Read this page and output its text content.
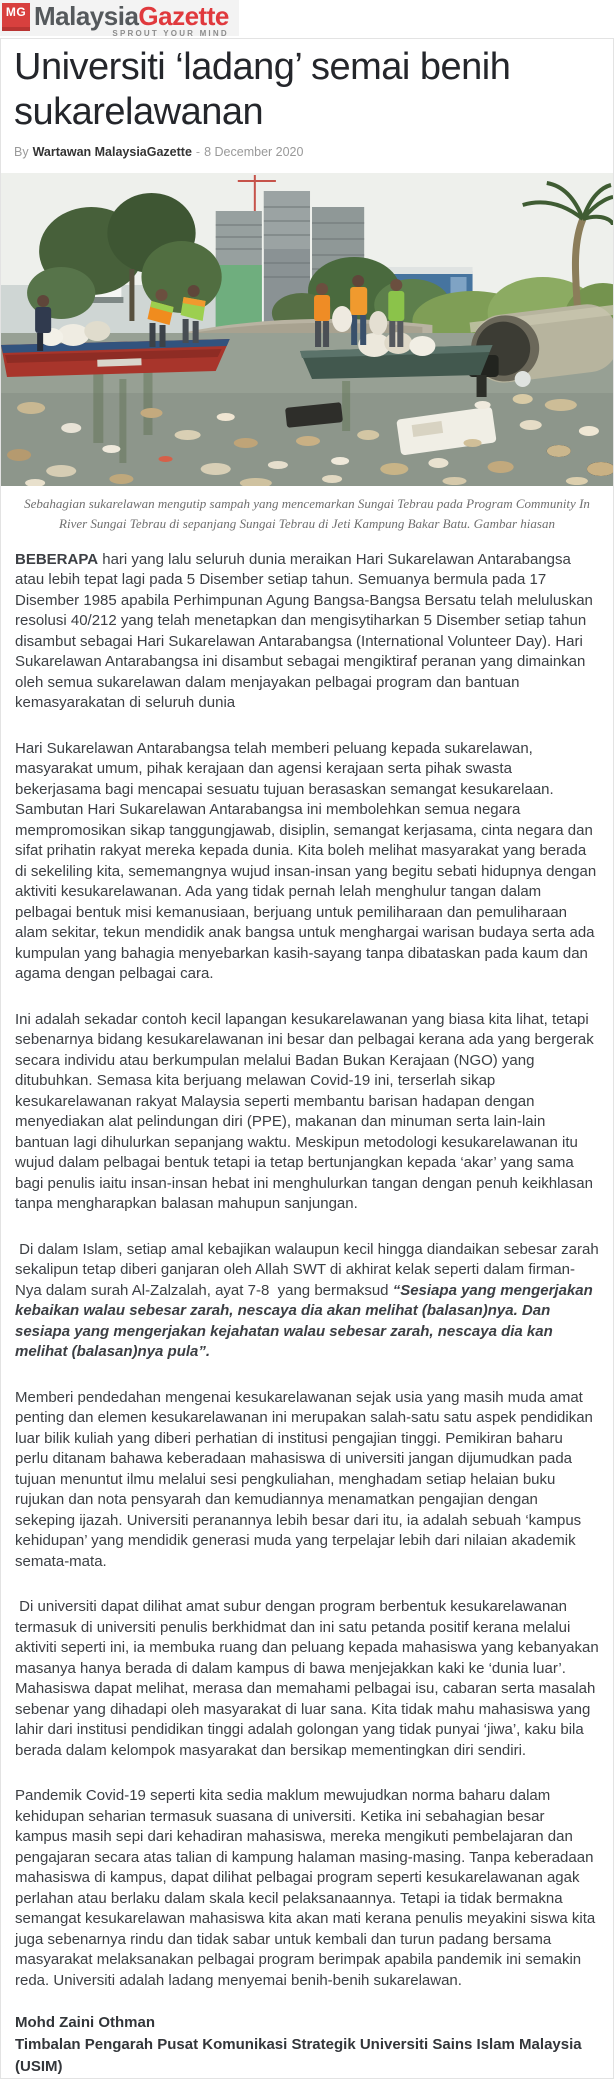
MG MalaysiaGazette
SPROUT YOUR MIND
Universiti ‘ladang’ semai benih sukarelawanan
By Wartawan MalaysiaGazette - 8 December 2020
Sebahagian sukarelawan mengutip sampah yang mencemarkan Sungai Tebrau pada Program Community In River Sungai Tebrau di sepanjang Sungai Tebrau di Jeti Kampung Bakar Batu. Gambar hiasan

BEBERAPA hari yang lalu seluruh dunia meraikan Hari Sukarelawan Antarabangsa atau lebih tepat lagi pada 5 Disember setiap tahun. Semuanya bermula pada 17 Disember 1985 apabila Perhimpunan Agung Bangsa-Bangsa Bersatu telah meluluskan resolusi 40/212 yang telah menetapkan dan mengisytiharkan 5 Disember setiap tahun disambut sebagai Hari Sukarelawan Antarabangsa (International Volunteer Day). Hari Sukarelawan Antarabangsa ini disambut sebagai mengiktiraf peranan yang dimainkan oleh semua sukarelawan dalam menjayakan pelbagai program dan bantuan kemasyarakatan di seluruh dunia

Hari Sukarelawan Antarabangsa telah memberi peluang kepada sukarelawan, masyarakat umum, pihak kerajaan dan agensi kerajaan serta pihak swasta bekerjasama bagi mencapai sesuatu tujuan berasaskan semangat kesukarelaan. Sambutan Hari Sukarelawan Antarabangsa ini membolehkan semua negara mempromosikan sikap tanggungjawab, disiplin, semangat kerjasama, cinta negara dan sifat prihatin rakyat mereka kepada dunia. Kita boleh melihat masyarakat yang berada di sekeliling kita, sememangnya wujud insan-insan yang begitu sebati hidupnya dengan aktiviti kesukarelawanan. Ada yang tidak pernah lelah menghulur tangan dalam pelbagai bentuk misi kemanusiaan, berjuang untuk pemiliharaan dan pemuliharaan alam sekitar, tekun mendidik anak bangsa untuk menghargai warisan budaya serta ada kumpulan yang bahagia menyebarkan kasih-sayang tanpa dibataskan pada kaum dan agama dengan pelbagai cara.

Ini adalah sekadar contoh kecil lapangan kesukarelawanan yang biasa kita lihat, tetapi sebenarnya bidang kesukarelawanan ini besar dan pelbagai kerana ada yang bergerak secara individu atau berkumpulan melalui Badan Bukan Kerajaan (NGO) yang ditubuhkan. Semasa kita berjuang melawan Covid-19 ini, terserlah sikap kesukarelawanan rakyat Malaysia seperti membantu barisan hadapan dengan menyediakan alat pelindungan diri (PPE), makanan dan minuman serta lain-lain bantuan lagi dihulurkan sepanjang waktu. Meskipun metodologi kesukarelawanan itu wujud dalam pelbagai bentuk tetapi ia tetap bertunjangkan kepada ‘akar’ yang sama bagi penulis iaitu insan-insan hebat ini menghulurkan tangan dengan penuh keikhlasan tanpa mengharapkan balasan mahupun sanjungan.

Di dalam Islam, setiap amal kebajikan walaupun kecil hingga diandaikan sebesar zarah sekalipun tetap diberi ganjaran oleh Allah SWT di akhirat kelak seperti dalam firman-Nya dalam surah Al-Zalzalah, ayat 7-8  yang bermaksud “Sesiapa yang mengerjakan kebaikan walau sebesar zarah, nescaya dia akan melihat (balasan)nya. Dan sesiapa yang mengerjakan kejahatan walau sebesar zarah, nescaya dia kan melihat (balasan)nya pula”.

Memberi pendedahan mengenai kesukarelawanan sejak usia yang masih muda amat penting dan elemen kesukarelawanan ini merupakan salah-satu satu aspek pendidikan luar bilik kuliah yang diberi perhatian di institusi pengajian tinggi. Pemikiran baharu perlu ditanam bahawa keberadaan mahasiswa di universiti jangan dijumudkan pada tujuan menuntut ilmu melalui sesi pengkuliahan, menghadam setiap helaian buku rujukan dan nota pensyarah dan kemudiannya menamatkan pengajian dengan sekeping ijazah. Universiti peranannya lebih besar dari itu, ia adalah sebuah ‘kampus kehidupan’ yang mendidik generasi muda yang terpelajar lebih dari nilaian akademik semata-mata.

Di universiti dapat dilihat amat subur dengan program berbentuk kesukarelawanan termasuk di universiti penulis berkhidmat dan ini satu petanda positif kerana melalui aktiviti seperti ini, ia membuka ruang dan peluang kepada mahasiswa yang kebanyakan masanya hanya berada di dalam kampus di bawa menjejakkan kaki ke ‘dunia luar’. Mahasiswa dapat melihat, merasa dan memahami pelbagai isu, cabaran serta masalah sebenar yang dihadapi oleh masyarakat di luar sana. Kita tidak mahu mahasiswa yang lahir dari institusi pendidikan tinggi adalah golongan yang tidak punyai ‘jiwa’, kaku bila berada dalam kelompok masyarakat dan bersikap mementingkan diri sendiri.

Pandemik Covid-19 seperti kita sedia maklum mewujudkan norma baharu dalam kehidupan seharian termasuk suasana di universiti. Ketika ini sebahagian besar kampus masih sepi dari kehadiran mahasiswa, mereka mengikuti pembelajaran dan pengajaran secara atas talian di kampung halaman masing-masing. Tanpa keberadaan mahasiswa di kampus, dapat dilihat pelbagai program seperti kesukarelawanan agak perlahan atau berlaku dalam skala kecil pelaksanaannya. Tetapi ia tidak bermakna semangat kesukarelawan mahasiswa kita akan mati kerana penulis meyakini siswa kita juga sebenarnya rindu dan tidak sabar untuk kembali dan turun padang bersama masyarakat melaksanakan pelbagai program berimpak apabila pandemik ini semakin reda. Universiti adalah ladang menyemai benih-benih sukarelawan.

Mohd Zaini Othman
Timbalan Pengarah Pusat Komunikasi Strategik Universiti Sains Islam Malaysia (USIM)
